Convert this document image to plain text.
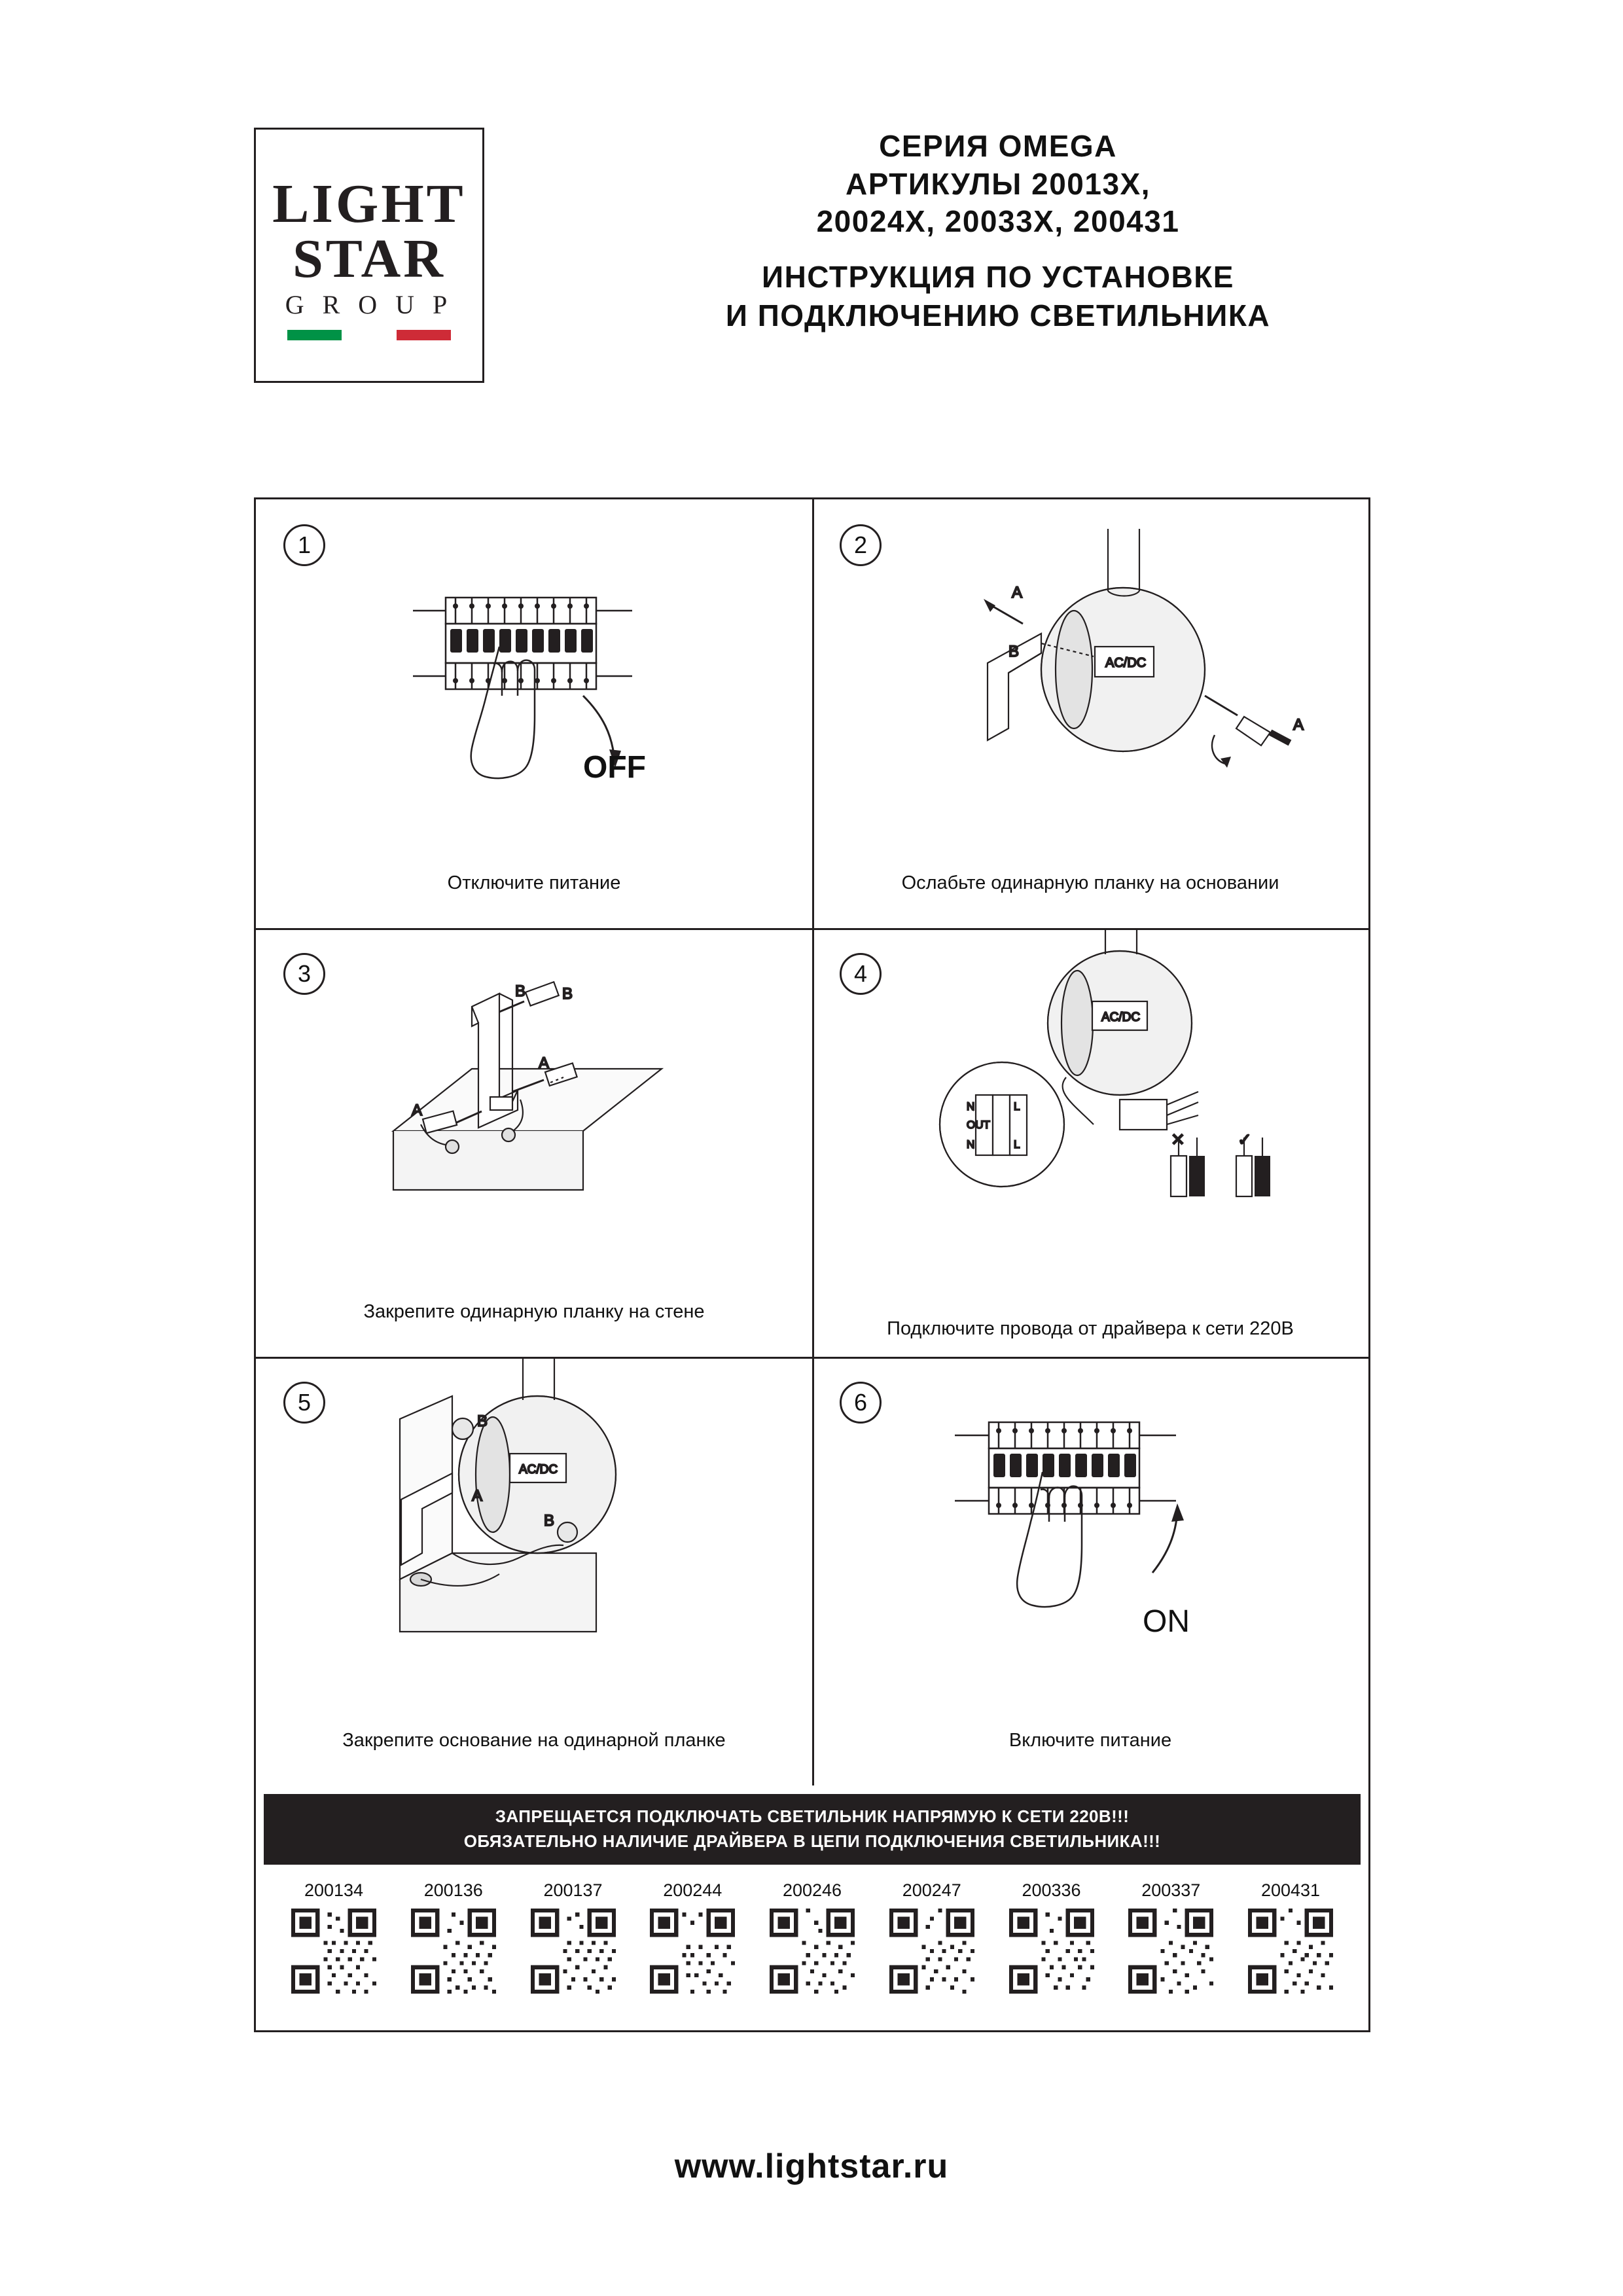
LIGHT
STAR
G R O U P
СЕРИЯ OMEGA
АРТИКУЛЫ 20013Х,
20024Х, 20033Х, 200431
ИНСТРУКЦИЯ ПО УСТАНОВКЕ
И ПОДКЛЮЧЕНИЮ СВЕТИЛЬНИКА
1
OFF
Отключите питание
2
AC/DC
A
B
A
Ослабьте одинарную планку на основании
3
B
B
A
A
Закрепите одинарную планку на стене
4
AC/DC
N
OUT
N
L
L	✕	✓
Подключите провода от драйвера к сети 220В
5
AC/DC
B
A
B
Закрепите основание на одинарной планке
6
ON
Включите питание
ЗАПРЕЩАЕТСЯ ПОДКЛЮЧАТЬ СВЕТИЛЬНИК НАПРЯМУЮ К СЕТИ 220В!!!
ОБЯЗАТЕЛЬНО НАЛИЧИЕ ДРАЙВЕРА В ЦЕПИ ПОДКЛЮЧЕНИЯ СВЕТИЛЬНИКА!!!
200134	200136	200137	200244	200246	200247	200336	200337	200431
www.lightstar.ru
